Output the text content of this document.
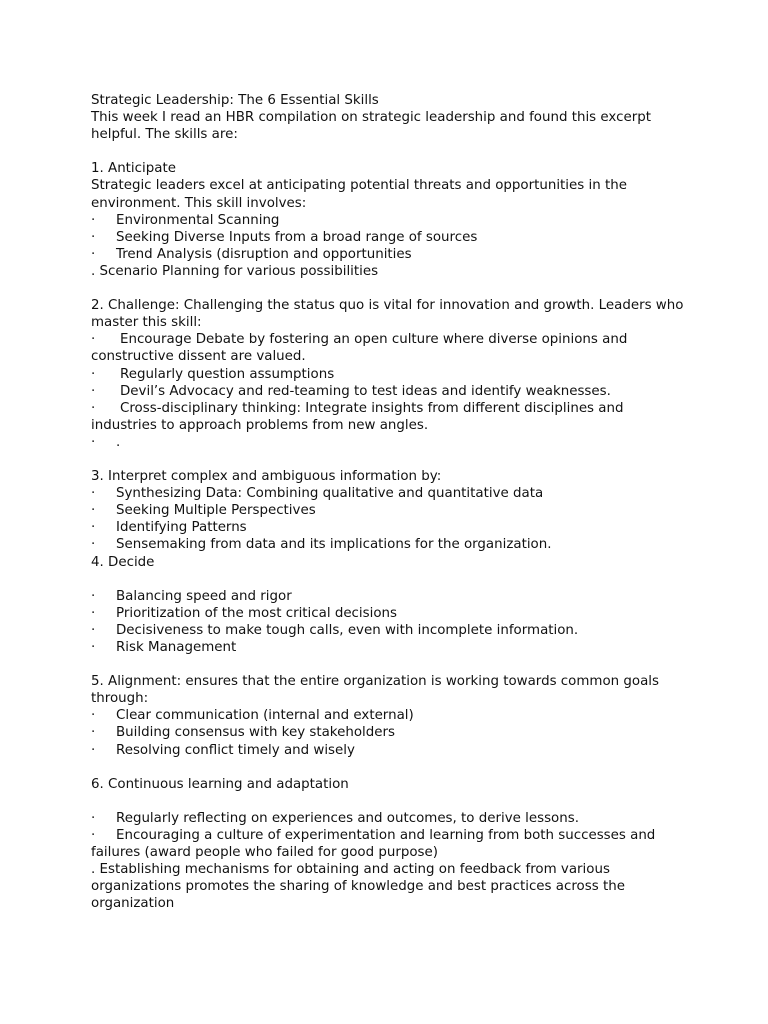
Strategic Leadership: The 6 Essential Skills
This week I read an HBR compilation on strategic leadership and found this excerpt
helpful. The skills are:
1. Anticipate
Strategic leaders excel at anticipating potential threats and opportunities in the
environment. This skill involves:
· Environmental Scanning
· Seeking Diverse Inputs from a broad range of sources
· Trend Analysis (disruption and opportunities
. Scenario Planning for various possibilities
2. Challenge: Challenging the status quo is vital for innovation and growth. Leaders who
master this skill:
· Encourage Debate by fostering an open culture where diverse opinions and
constructive dissent are valued.
· Regularly question assumptions
· Devil’s Advocacy and red-teaming to test ideas and identify weaknesses.
· Cross-disciplinary thinking: Integrate insights from different disciplines and
industries to approach problems from new angles.
· .
3. Interpret complex and ambiguous information by:
· Synthesizing Data: Combining qualitative and quantitative data
· Seeking Multiple Perspectives
· Identifying Patterns
· Sensemaking from data and its implications for the organization.
4. Decide
· Balancing speed and rigor
· Prioritization of the most critical decisions
· Decisiveness to make tough calls, even with incomplete information.
· Risk Management
5. Alignment: ensures that the entire organization is working towards common goals
through:
· Clear communication (internal and external)
· Building consensus with key stakeholders
· Resolving conflict timely and wisely
6. Continuous learning and adaptation
· Regularly reflecting on experiences and outcomes, to derive lessons.
· Encouraging a culture of experimentation and learning from both successes and
failures (award people who failed for good purpose)
. Establishing mechanisms for obtaining and acting on feedback from various
organizations promotes the sharing of knowledge and best practices across the
organization
